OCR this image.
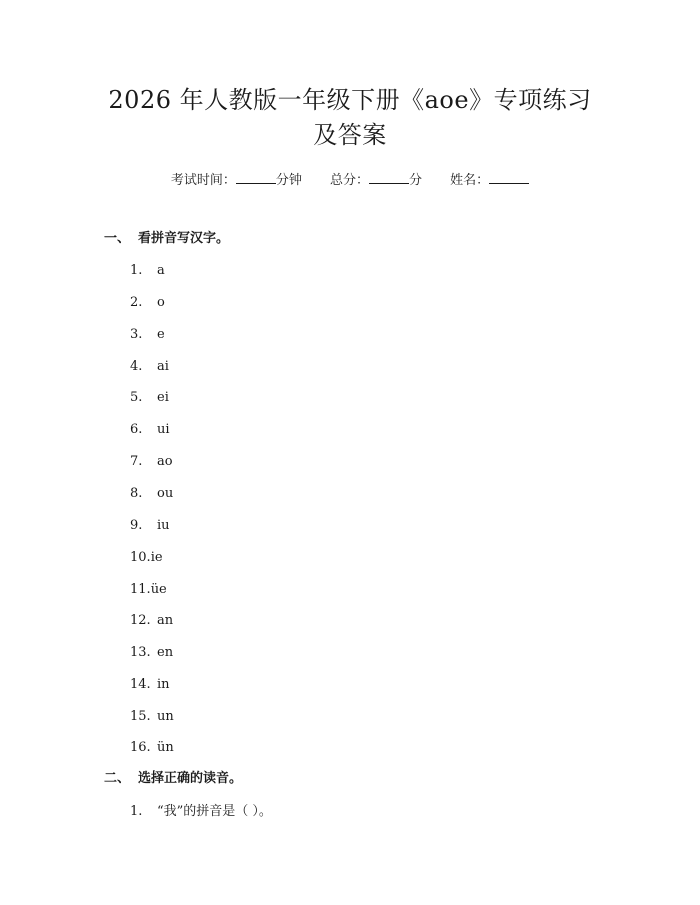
2026 年人教版一年级下册《aoe》专项练习
及答案
考试时间：	分钟 总分：	分 姓名：
一、 看拼音写汉字。
1. a
2. o
3. e
4. ai
5. ei
6. ui
7. ao
8. ou
9. iu
10.ie
11.üe
12. an
13. en
14. in
15. un
16. ün
二、 选择正确的读音。
1. “我”的拼音是（ ）。
